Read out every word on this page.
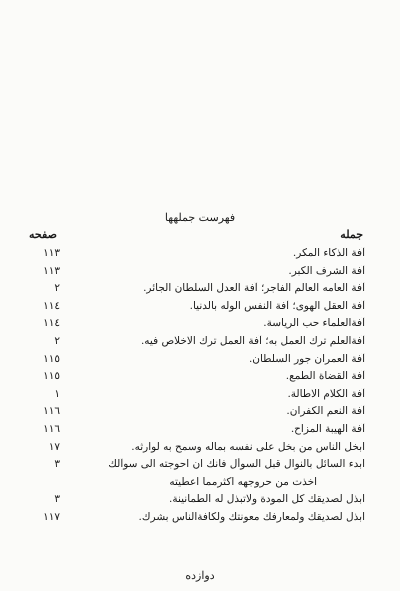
فهرست جملهها
جمله
صفحه
آفة الذكاء المكر.
۱۱۳
آفة الشرف الكبر.
۱۱۳
آفة العامه العالم الفاجر؛ آفة العدل السلطان الجائر.
۲
آفة العقل الهوى؛ آفة النفس الوله بالدنيا.
۱۱٤
آفةالعلماء حب الرياسة.
۱۱٤
آفةالعلم ترك العمل به؛ آفة العمل ترك الاخلاص فيه.
۲
آفة العمران جور السلطان.
۱۱٥
آفة القضاة الطمع.
۱۱٥
آفة الكلام الاطالة.
۱
آفة النعم الكفران.
۱۱٦
آفة الهيبة المزاح.
۱۱٦
ابخل الناس من بخل على نفسه بماله وسمح به لوارثه.
۱۷
ابدء السائل بالنوال قبل السوأل فانك ان احوجته الى سوآلك
۳
اخذت من حروجهه اكثرمما اعطيته
ابذل لصديقك كل المودة ولاتبذل له الطمانينة.
۳
ابذل لصديقك ولمعارفك معونتك ولكافةالناس بشرك.
۱۱۷
دوازده
